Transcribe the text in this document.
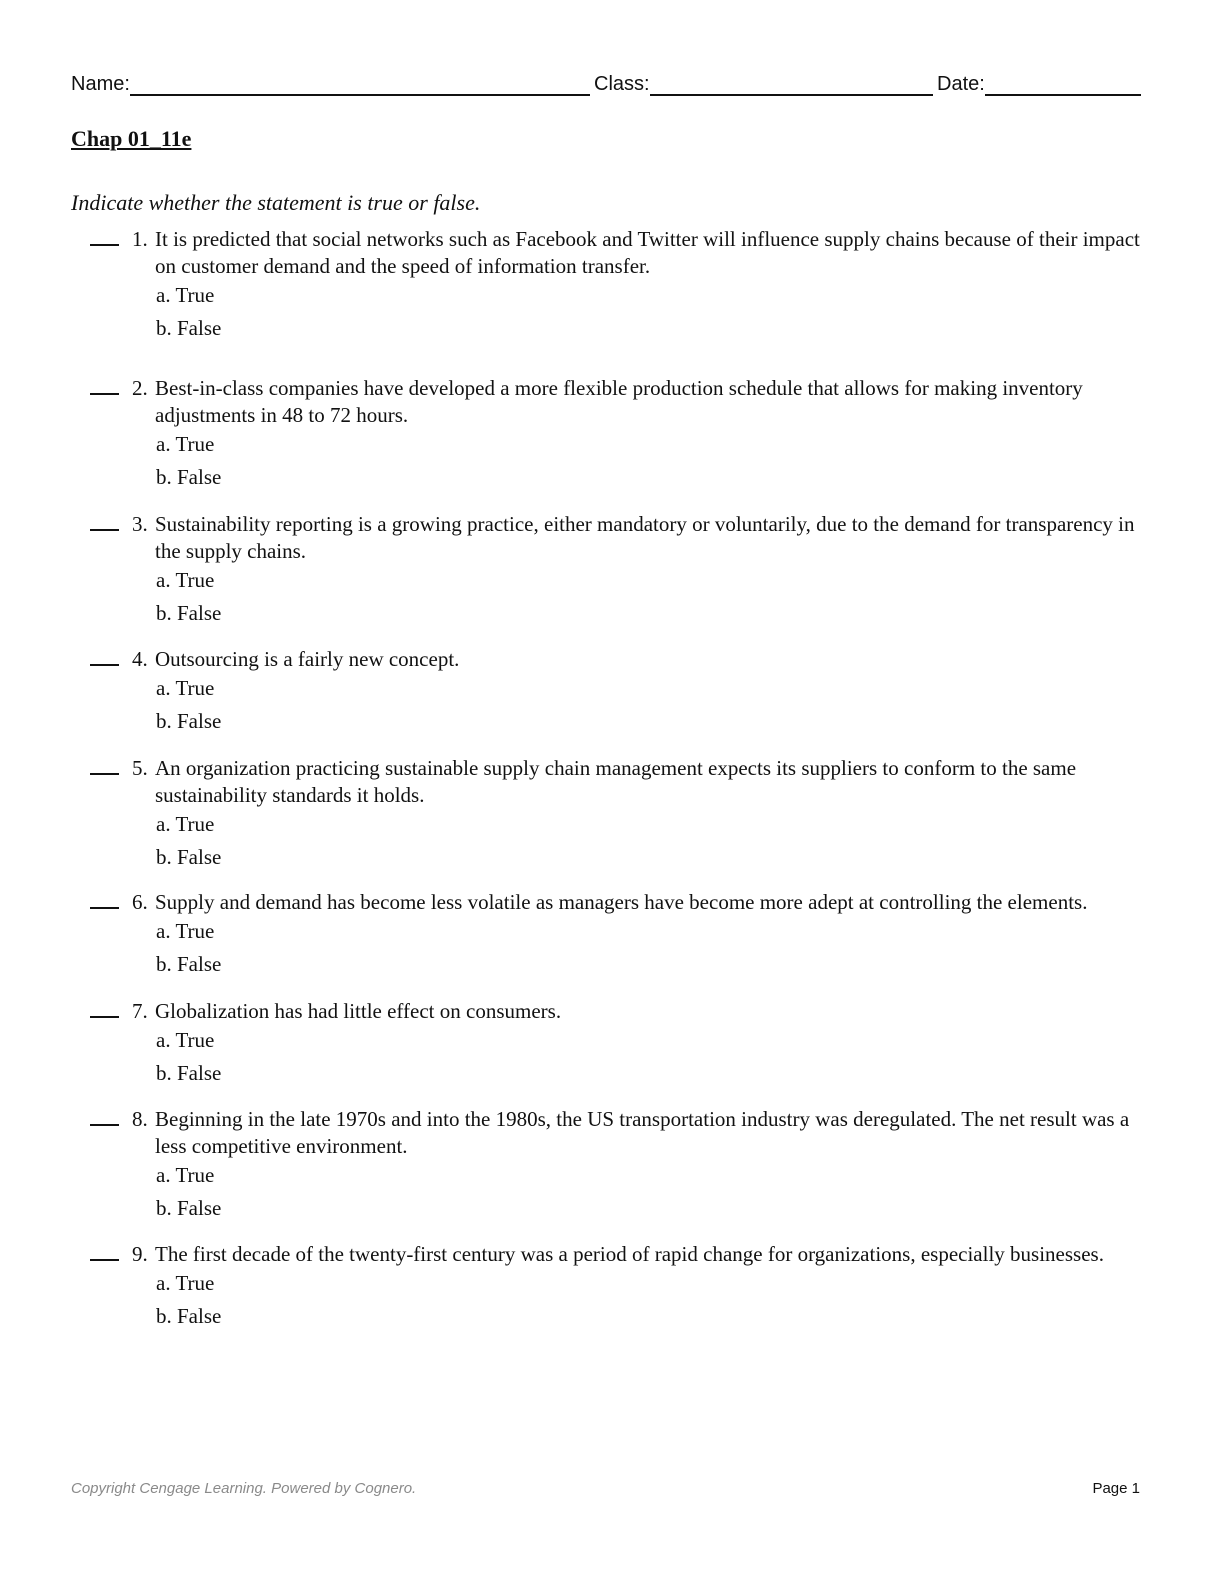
Name:	Class:	Date:
Chap 01_11e
Indicate whether the statement is true or false.
1. It is predicted that social networks such as Facebook and Twitter will influence supply chains because of their impact on customer demand and the speed of information transfer.
a. True
b. False
2. Best-in-class companies have developed a more flexible production schedule that allows for making inventory adjustments in 48 to 72 hours.
a. True
b. False
3. Sustainability reporting is a growing practice, either mandatory or voluntarily, due to the demand for transparency in the supply chains.
a. True
b. False
4. Outsourcing is a fairly new concept.
a. True
b. False
5. An organization practicing sustainable supply chain management expects its suppliers to conform to the same sustainability standards it holds.
a. True
b. False
6. Supply and demand has become less volatile as managers have become more adept at controlling the elements.
a. True
b. False
7. Globalization has had little effect on consumers.
a. True
b. False
8. Beginning in the late 1970s and into the 1980s, the US transportation industry was deregulated. The net result was a less competitive environment.
a. True
b. False
9. The first decade of the twenty-first century was a period of rapid change for organizations, especially businesses.
a. True
b. False
Copyright Cengage Learning. Powered by Cognero.	Page 1
